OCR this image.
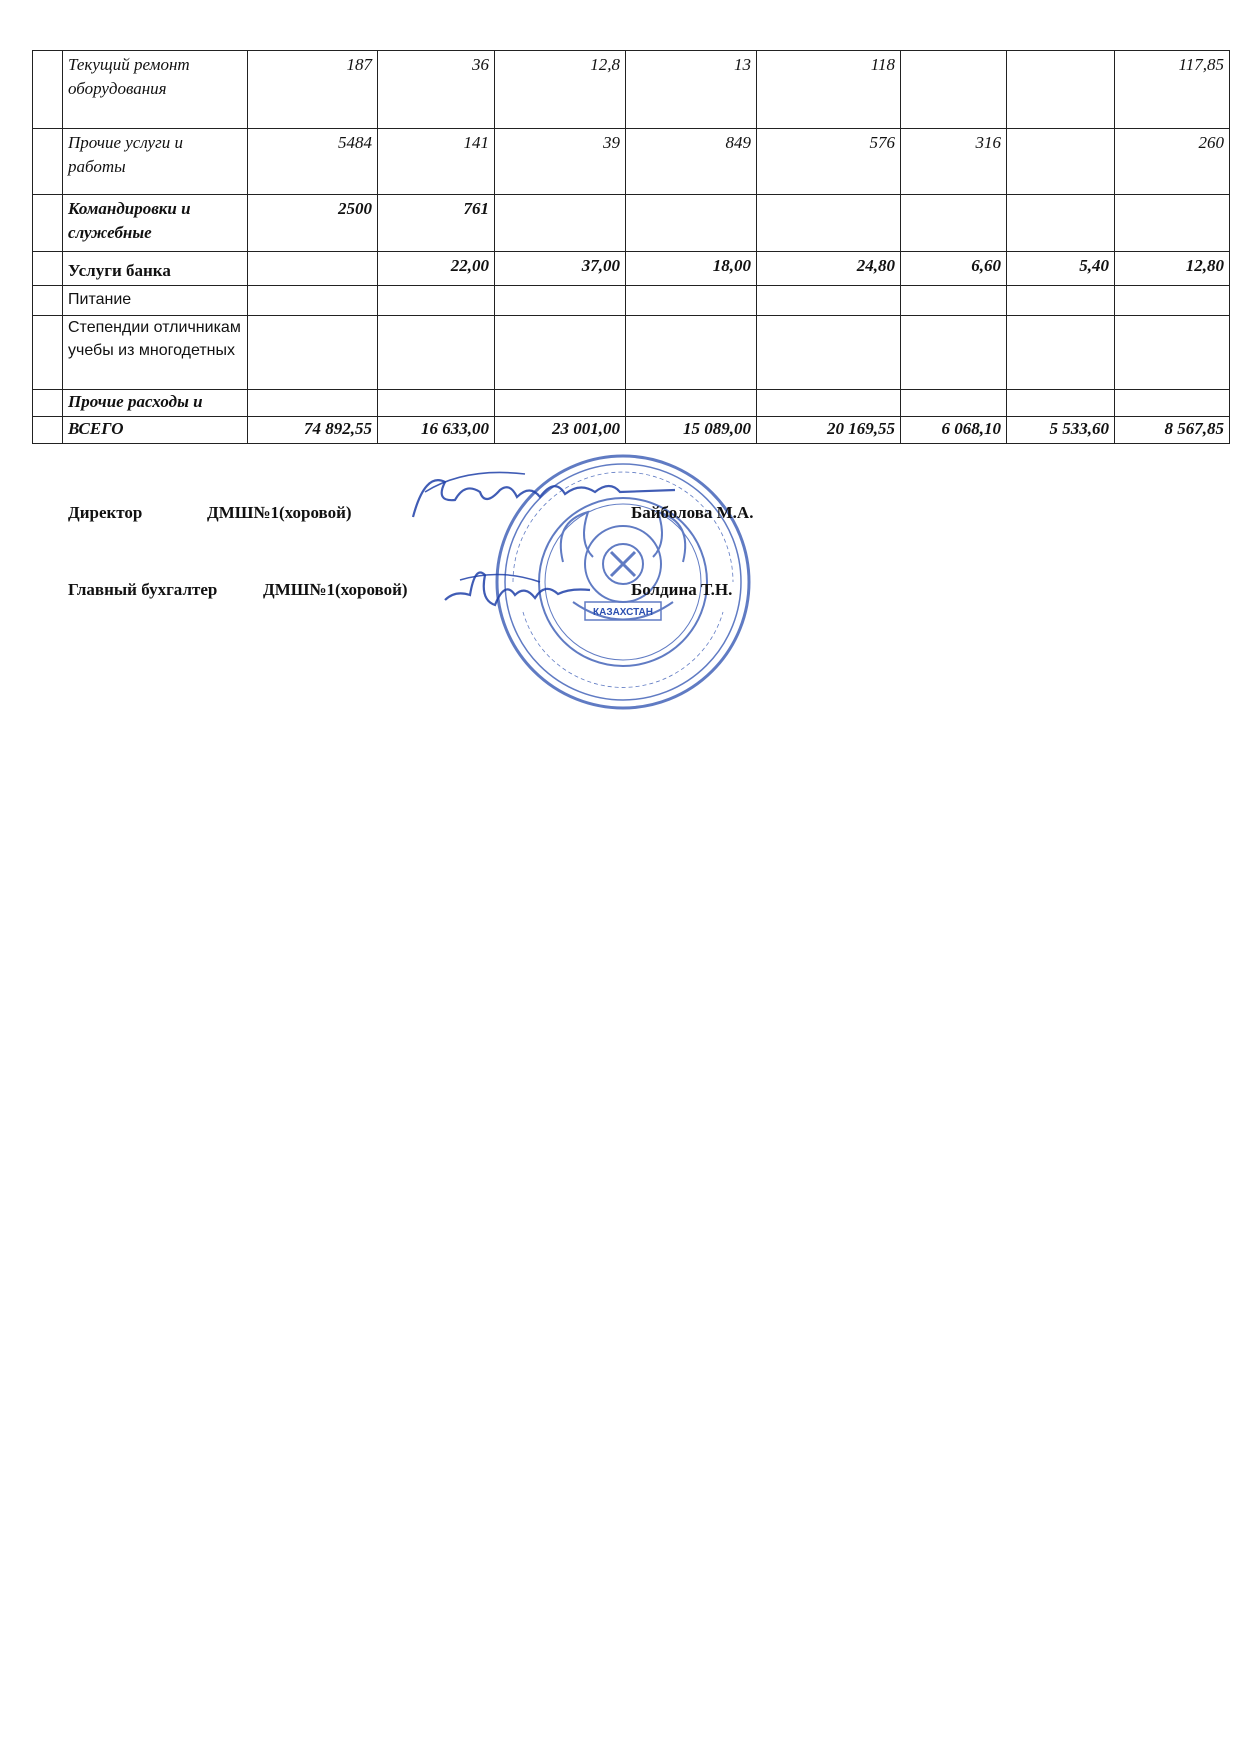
	Текущий ремонт оборудования	187	36	12,8	13	118			117,85
	Прочие услуги и работы	5484	141	39	849	576	316		260
	Командировки и служебные	2500	761						
	Услуги банка		22,00	37,00	18,00	24,80	6,60	5,40	12,80
	Питание								
	Степендии отличникам учебы из многодетных								
	Прочие расходы и								
	ВСЕГО	74 892,55	16 633,00	23 001,00	15 089,00	20 169,55	6 068,10	5 533,60	8 567,85
КАЗАХСТАН
Директор	ДМШ№1(хоровой)	Байболова М.А.
Главный бухгалтер	ДМШ№1(хоровой)	Болдина Т.Н.
